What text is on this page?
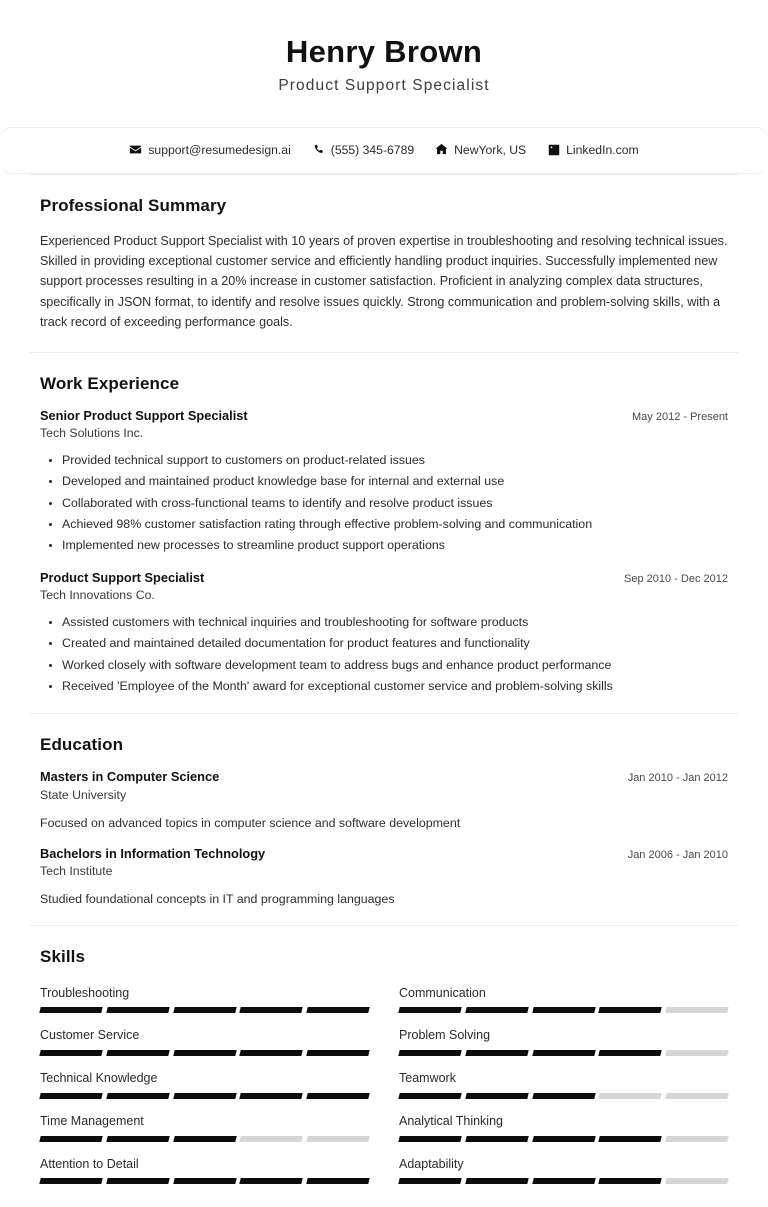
Henry Brown
Product Support Specialist
support@resumedesign.ai	(555) 345-6789	NewYork, US	LinkedIn.com
Professional Summary
Experienced Product Support Specialist with 10 years of proven expertise in troubleshooting and resolving technical issues. Skilled in providing exceptional customer service and efficiently handling product inquiries. Successfully implemented new support processes resulting in a 20% increase in customer satisfaction. Proficient in analyzing complex data structures, specifically in JSON format, to identify and resolve issues quickly. Strong communication and problem-solving skills, with a track record of exceeding performance goals.
Work Experience
Senior Product Support Specialist	May 2012 - Present
Tech Solutions Inc.
Provided technical support to customers on product-related issues
Developed and maintained product knowledge base for internal and external use
Collaborated with cross-functional teams to identify and resolve product issues
Achieved 98% customer satisfaction rating through effective problem-solving and communication
Implemented new processes to streamline product support operations
Product Support Specialist	Sep 2010 - Dec 2012
Tech Innovations Co.
Assisted customers with technical inquiries and troubleshooting for software products
Created and maintained detailed documentation for product features and functionality
Worked closely with software development team to address bugs and enhance product performance
Received 'Employee of the Month' award for exceptional customer service and problem-solving skills
Education
Masters in Computer Science	Jan 2010 - Jan 2012
State University
Focused on advanced topics in computer science and software development
Bachelors in Information Technology	Jan 2006 - Jan 2010
Tech Institute
Studied foundational concepts in IT and programming languages
Skills
Troubleshooting	Communication
Customer Service	Problem Solving
Technical Knowledge	Teamwork
Time Management	Analytical Thinking
Attention to Detail	Adaptability
